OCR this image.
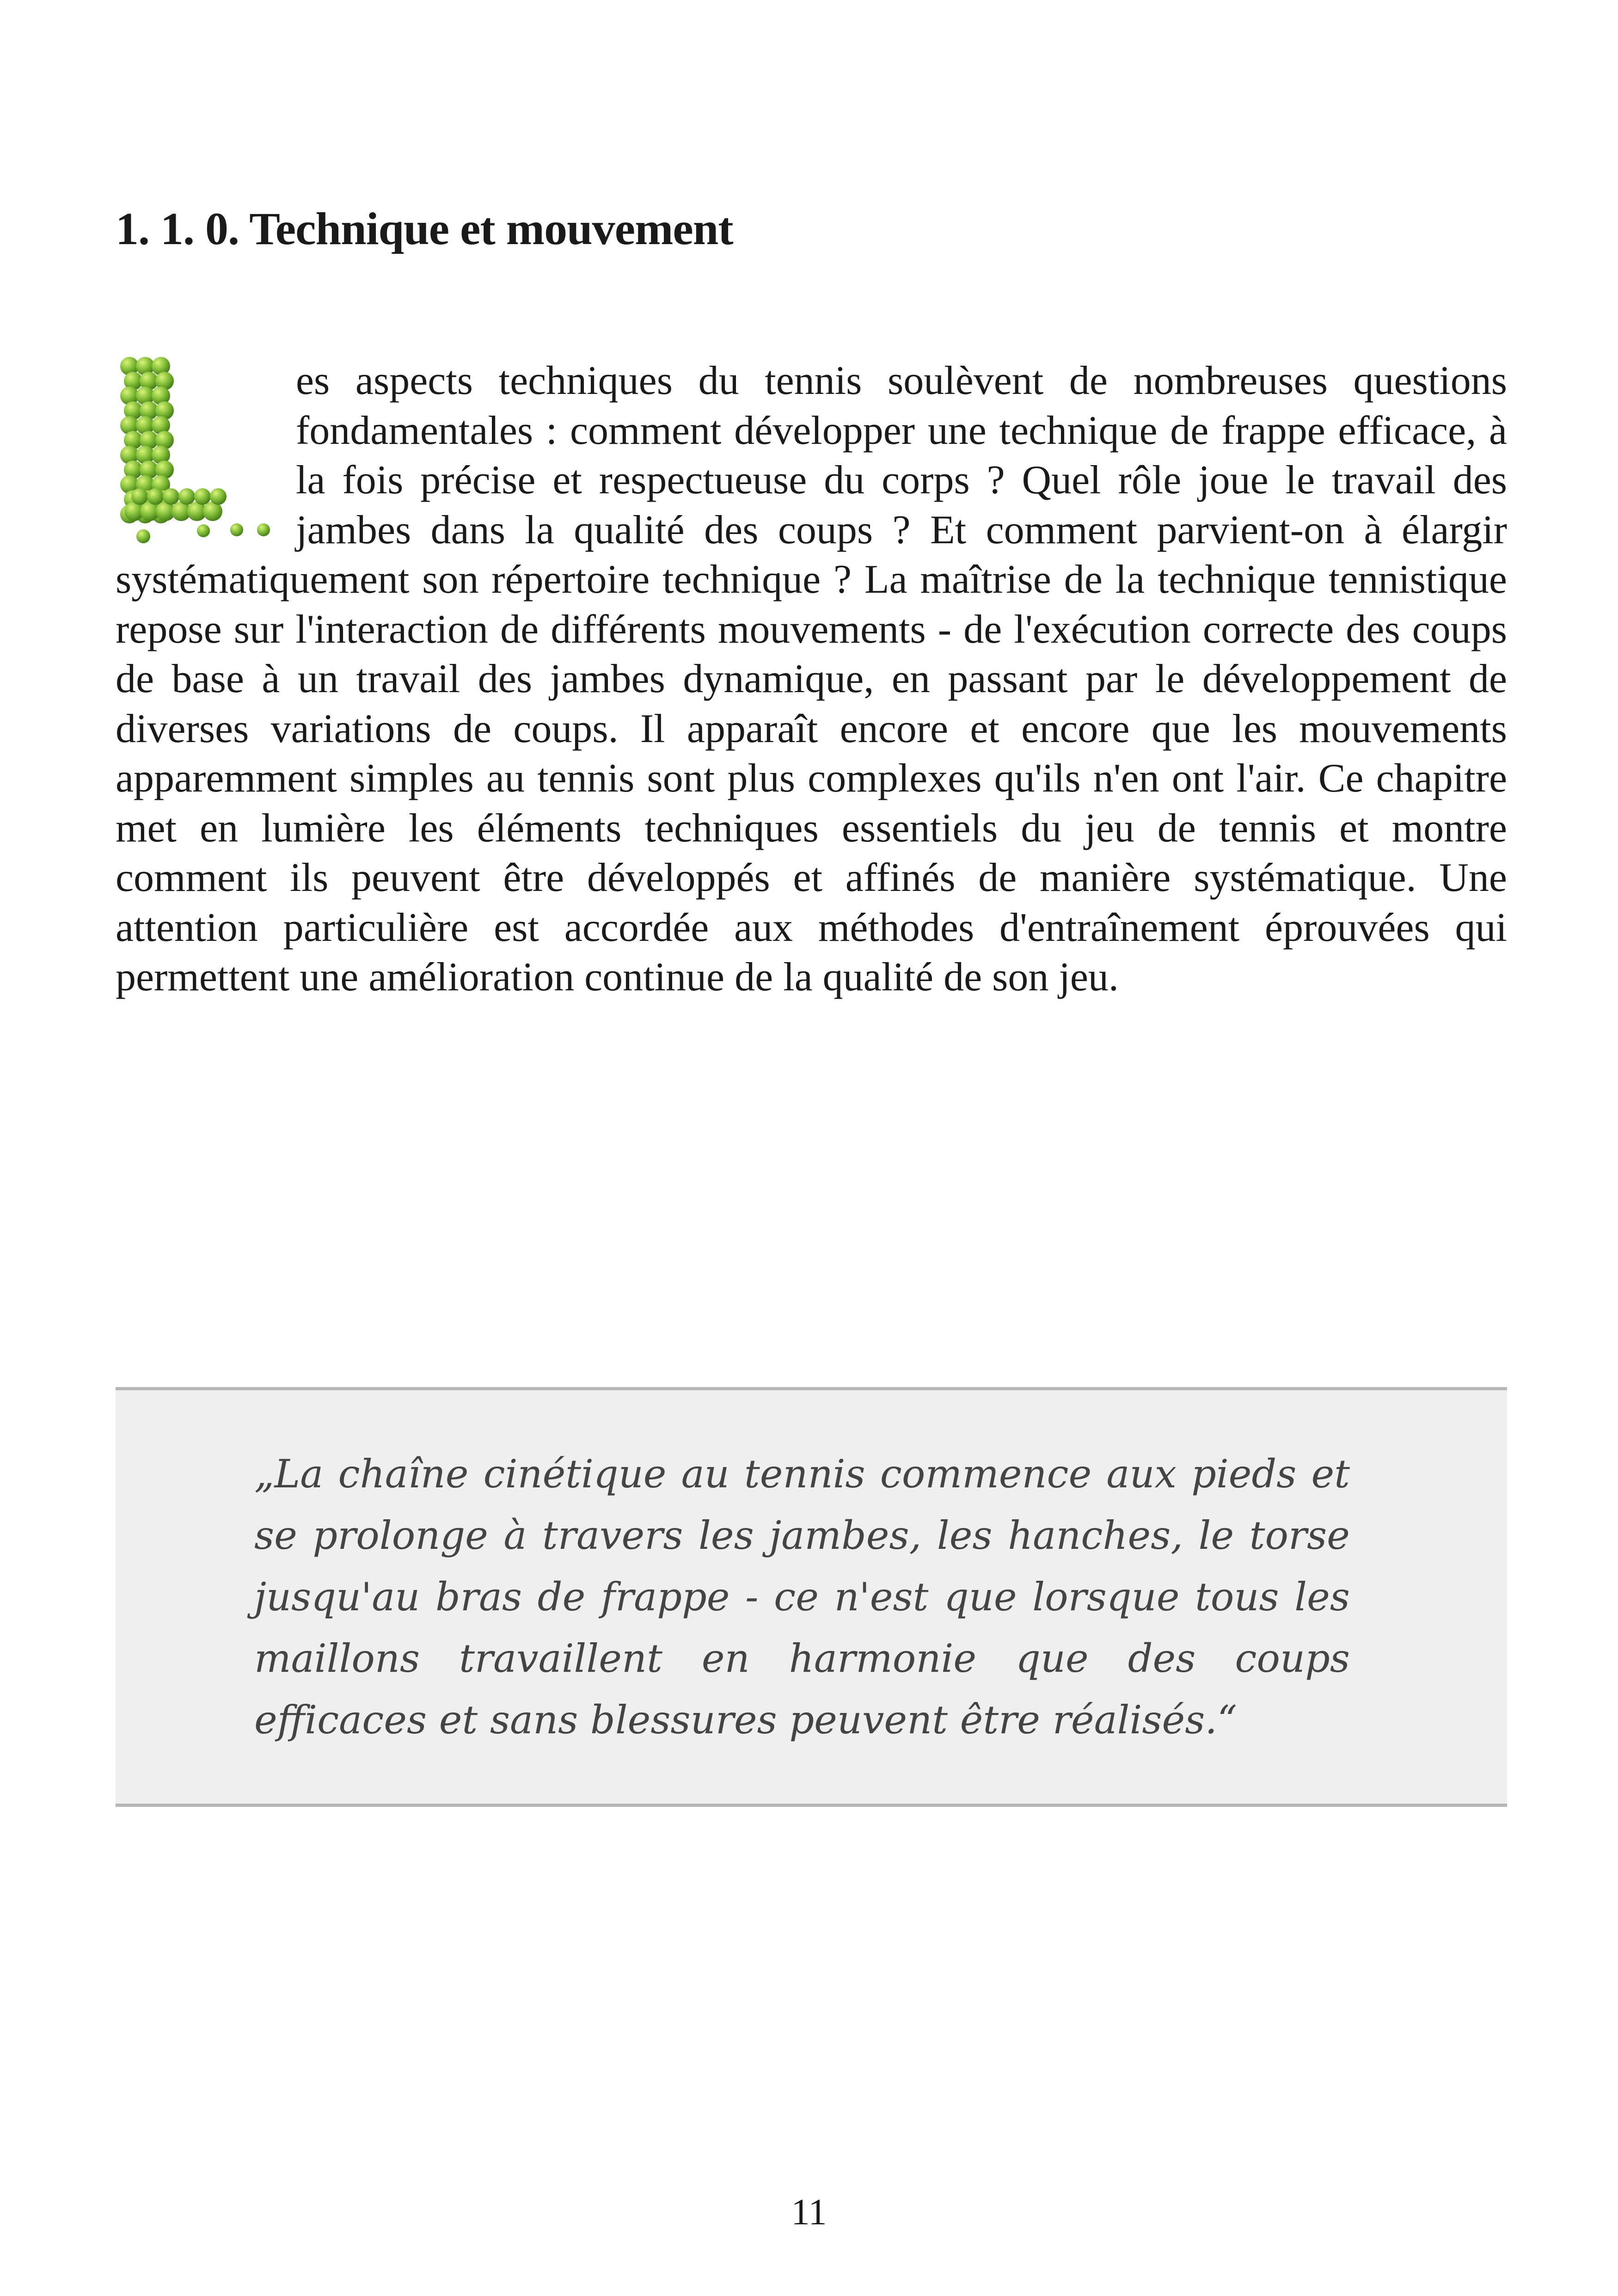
1. 1. 0. Technique et mouvement

es aspects techniques du tennis soulèvent de nombreuses questions fondamentales : comment développer une technique de frappe efficace, à la fois précise et respectueuse du corps ? Quel rôle joue le travail des jambes dans la qualité des coups ? Et comment parvient-on à élargir systématiquement son répertoire technique ? La maîtrise de la technique tennistique repose sur l'interaction de différents mouvements - de l'exécution correcte des coups de base à un travail des jambes dynamique, en passant par le développement de diverses variations de coups. Il apparaît encore et encore que les mouvements apparemment simples au tennis sont plus complexes qu'ils n'en ont l'air. Ce chapitre met en lumière les éléments techniques essentiels du jeu de tennis et montre comment ils peuvent être développés et affinés de manière systématique. Une attention particulière est accordée aux méthodes d'entraînement éprouvées qui permettent une amélioration continue de la qualité de son jeu.

„La chaîne cinétique au tennis commence aux pieds et se prolonge à travers les jambes, les hanches, le torse jusqu'au bras de frappe - ce n'est que lorsque tous les maillons travaillent en harmonie que des coups efficaces et sans blessures peuvent être réalisés.“

11
